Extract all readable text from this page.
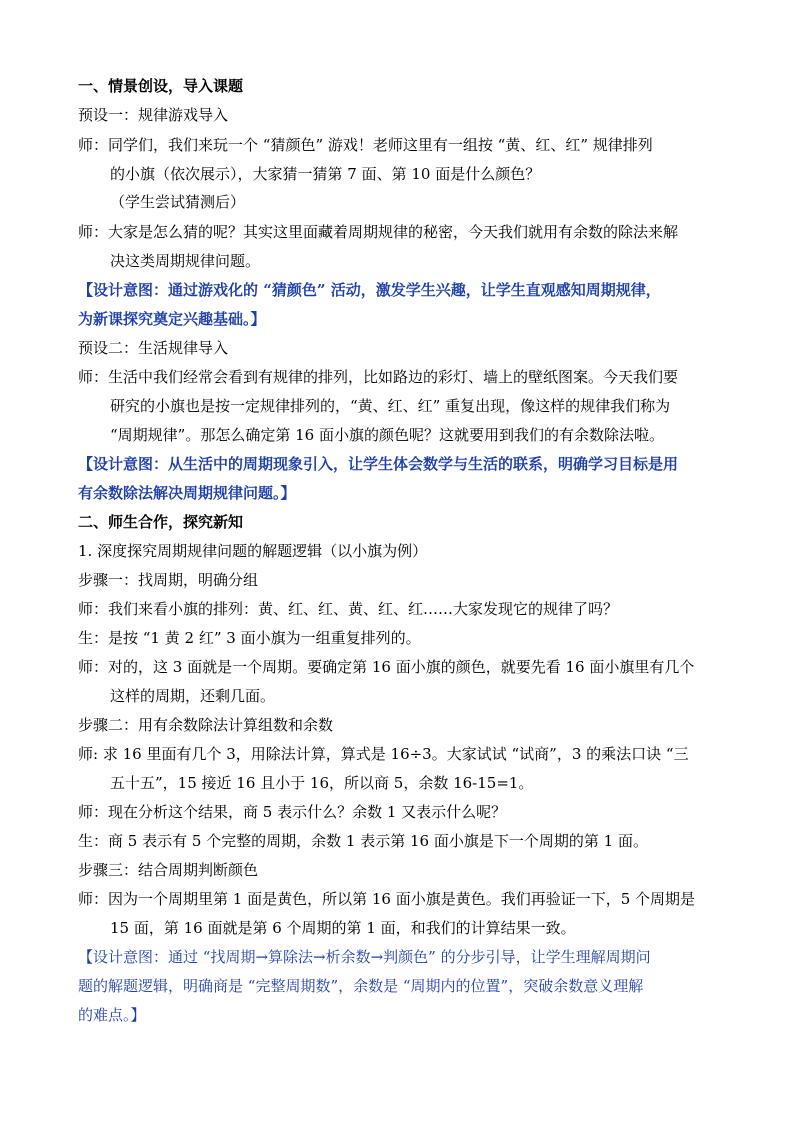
一、情景创设，导入课题
预设一：规律游戏导入
师：同学们，我们来玩一个 “猜颜色” 游戏！老师这里有一组按 “黄、红、红” 规律排列
的小旗（依次展示），大家猜一猜第 7 面、第 10 面是什么颜色？
（学生尝试猜测后）
师：大家是怎么猜的呢？其实这里面藏着周期规律的秘密，今天我们就用有余数的除法来解
决这类周期规律问题。
【设计意图：通过游戏化的 “猜颜色” 活动，激发学生兴趣，让学生直观感知周期规律，
为新课探究奠定兴趣基础。】
预设二：生活规律导入
师：生活中我们经常会看到有规律的排列，比如路边的彩灯、墙上的壁纸图案。今天我们要
研究的小旗也是按一定规律排列的，“黄、红、红” 重复出现，像这样的规律我们称为
“周期规律”。那怎么确定第 16 面小旗的颜色呢？这就要用到我们的有余数除法啦。
【设计意图：从生活中的周期现象引入，让学生体会数学与生活的联系，明确学习目标是用
有余数除法解决周期规律问题。】
二、师生合作，探究新知
1. 深度探究周期规律问题的解题逻辑（以小旗为例）
步骤一：找周期，明确分组
师：我们来看小旗的排列：黄、红、红、黄、红、红……大家发现它的规律了吗？
生：是按 “1 黄 2 红” 3 面小旗为一组重复排列的。
师：对的，这 3 面就是一个周期。要确定第 16 面小旗的颜色，就要先看 16 面小旗里有几个
这样的周期，还剩几面。
步骤二：用有余数除法计算组数和余数
师: 求 16 里面有几个 3，用除法计算，算式是 16÷3。大家试试 “试商”，3 的乘法口诀 “三
五十五”，15 接近 16 且小于 16，所以商 5，余数 16-15=1。
师：现在分析这个结果，商 5 表示什么？余数 1 又表示什么呢？
生：商 5 表示有 5 个完整的周期，余数 1 表示第 16 面小旗是下一个周期的第 1 面。
步骤三：结合周期判断颜色
师：因为一个周期里第 1 面是黄色，所以第 16 面小旗是黄色。我们再验证一下，5 个周期是
15 面，第 16 面就是第 6 个周期的第 1 面，和我们的计算结果一致。
【设计意图：通过 “找周期→算除法→析余数→判颜色” 的分步引导，让学生理解周期问
题的解题逻辑，明确商是 “完整周期数”，余数是 “周期内的位置”，突破余数意义理解
的难点。】
